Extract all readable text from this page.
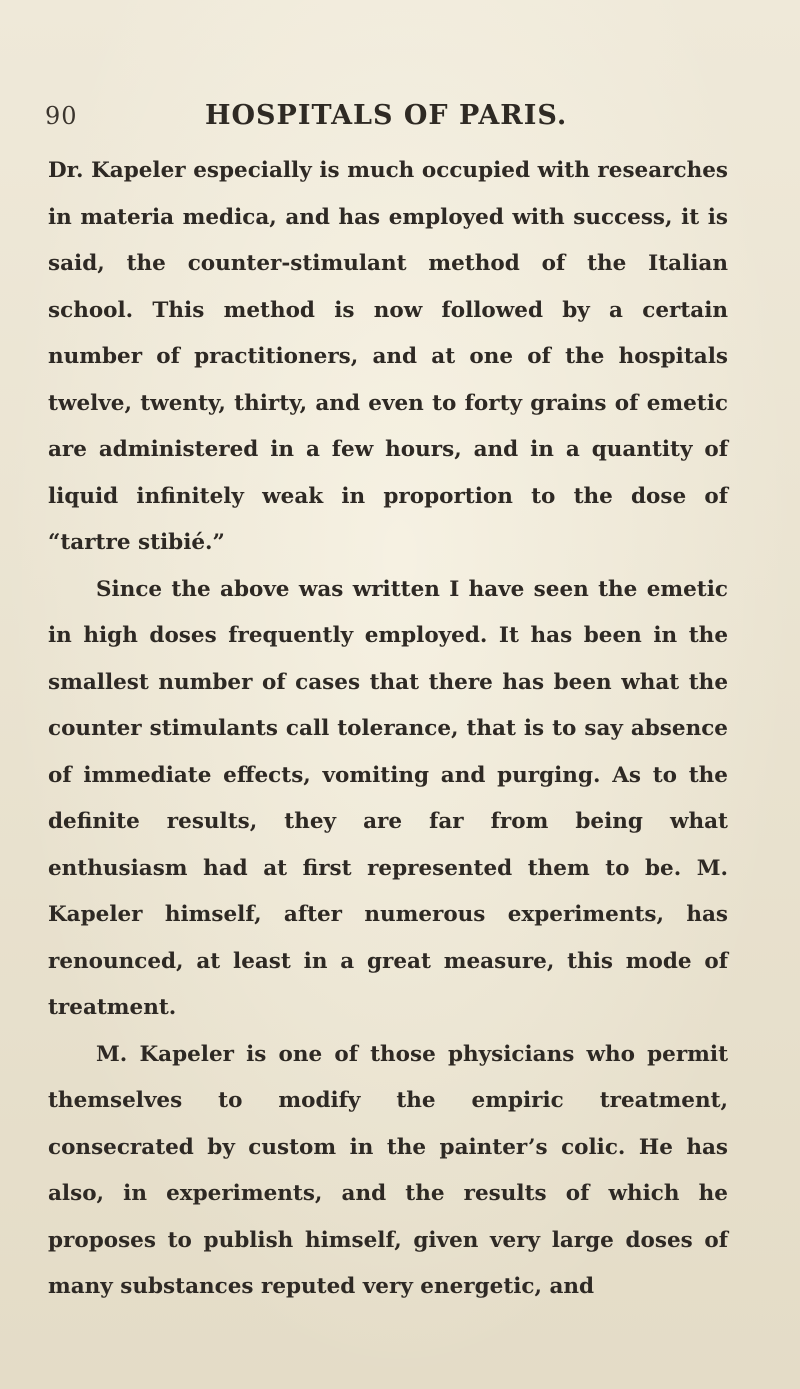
90	HOSPITALS OF PARIS.

Dr. Kapeler especially is much occupied with researches in materia medica, and has employed with success, it is said, the counter-stimulant method of the Italian school. This method is now followed by a certain number of practitioners, and at one of the hospitals twelve, twenty, thirty, and even to forty grains of emetic are administered in a few hours, and in a quantity of liquid infinitely weak in proportion to the dose of “tartre stibié.”

Since the above was written I have seen the emetic in high doses frequently employed. It has been in the smallest number of cases that there has been what the counter stimulants call tolerance, that is to say absence of immediate effects, vomiting and purging. As to the definite results, they are far from being what enthusiasm had at first represented them to be. M. Kapeler himself, after numerous experiments, has renounced, at least in a great measure, this mode of treatment.

M. Kapeler is one of those physicians who permit themselves to modify the empiric treatment, consecrated by custom in the painter’s colic. He has also, in experiments, and the results of which he proposes to publish himself, given very large doses of many substances reputed very energetic, and
